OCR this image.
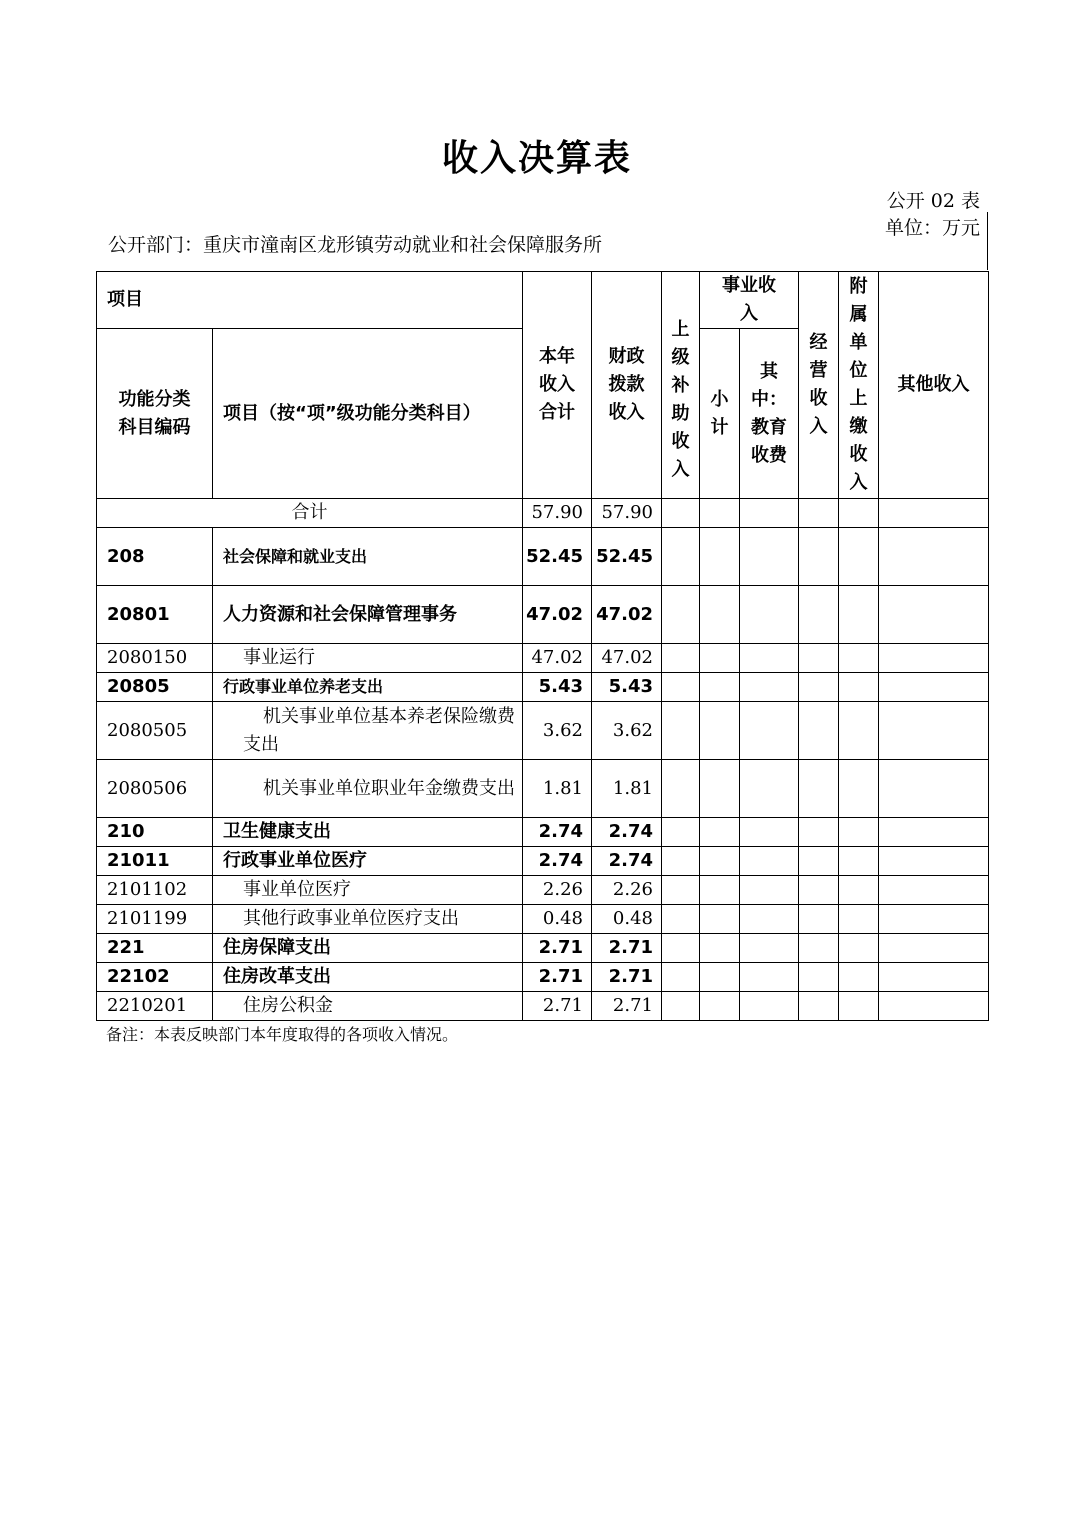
收入决算表
公开 02 表
单位：万元
公开部门：重庆市潼南区龙形镇劳动就业和社会保障服务所
项目		本年收入合计	财政拨款收入	上级补助收入	事业收入		经营收入	附属单位上缴收入	其他收入

功能分类科目编码	项目（按“项”级功能分类科目）				小计	其中：教育收费			

合计		57.90	57.90						
208	社会保障和就业支出	52.45	52.45						
20801	人力资源和社会保障管理事务	47.02	47.02						
2080150	事业运行	47.02	47.02						
20805	行政事业单位养老支出	5.43	5.43						
2080505	机关事业单位基本养老保险缴费支出	3.62	3.62						
2080506	机关事业单位职业年金缴费支出	1.81	1.81						
210	卫生健康支出	2.74	2.74						
21011	行政事业单位医疗	2.74	2.74						
2101102	事业单位医疗	2.26	2.26						
2101199	其他行政事业单位医疗支出	0.48	0.48						
221	住房保障支出	2.71	2.71						
22102	住房改革支出	2.71	2.71						
2210201	住房公积金	2.71	2.71						
备注：本表反映部门本年度取得的各项收入情况。
